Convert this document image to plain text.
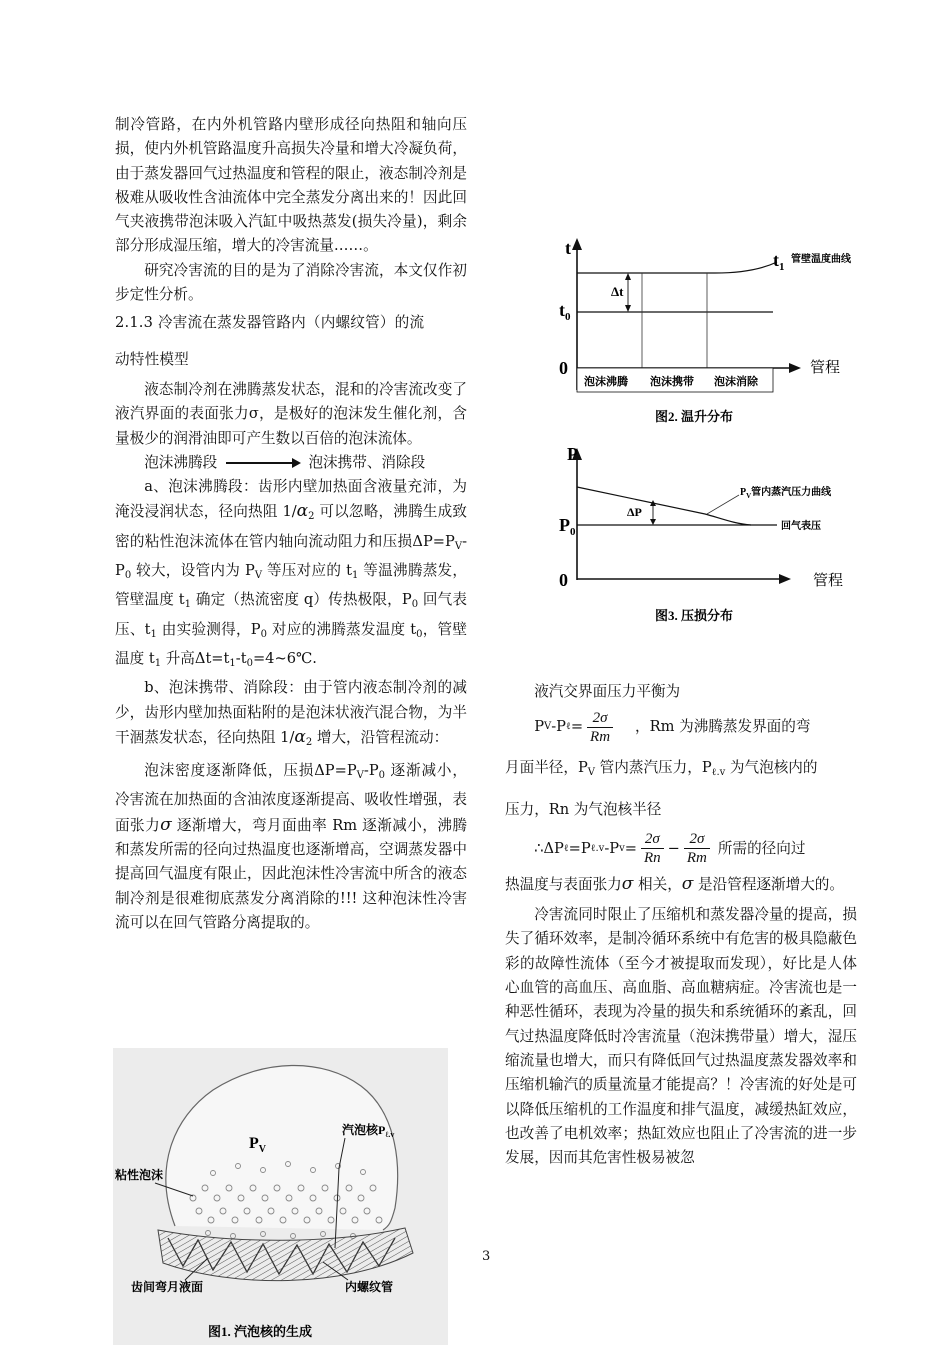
制冷管路，在内外机管路内壁形成径向热阻和轴向压损，使内外机管路温度升高损失冷量和增大冷凝负荷，由于蒸发器回气过热温度和管程的限止，液态制冷剂是极难从吸收性含油流体中完全蒸发分离出来的！因此回气夹液携带泡沫吸入汽缸中吸热蒸发(损失冷量)，剩余部分形成湿压缩，增大的冷害流量……。

研究冷害流的目的是为了消除冷害流，本文仅作初步定性分析。

2.1.3 冷害流在蒸发器管路内（内螺纹管）的流

动特性模型

液态制冷剂在沸腾蒸发状态，混和的冷害流改变了液汽界面的表面张力σ，是极好的泡沫发生催化剂，含量极少的润滑油即可产生数以百倍的泡沫流体。

泡沫沸腾段	泡沫携带、消除段

a、泡沫沸腾段：齿形内壁加热面含液量充沛，为淹没浸润状态，径向热阻 $1/\alpha_2$ 可以忽略，沸腾生成致密的粘性泡沫流体在管内轴向流动阻力和压损$\Delta P=P_V-P_0$ 较大，设管内为 $P_V$ 等压对应的 $t_1$ 等温沸腾蒸发，管壁温度 $t_1$ 确定（热流密度 q）传热极限，$P_0$ 回气表压、$t_1$ 由实验测得，$P_0$ 对应的沸腾蒸发温度 $t_0$，管壁温度 $t_1$ 升高$\Delta t=t_1-t_0=4\sim 6℃$.

b、泡沫携带、消除段：由于管内液态制冷剂的减少，齿形内壁加热面粘附的是泡沫状液汽混合物，为半干涸蒸发状态，径向热阻 $1/\alpha_2$ 增大，沿管程流动：

泡沫密度逐渐降低，压损$\Delta P=P_V-P_0$ 逐渐减小，冷害流在加热面的含油浓度逐渐提高、吸收性增强，表面张力σ 逐渐增大，弯月面曲率 Rm 逐渐减小，沸腾和蒸发所需的径向过热温度也逐渐增高，空调蒸发器中提高回气温度有限止，因此泡沫性冷害流中所含的液态制冷剂是很难彻底蒸发分离消除的!!! 这种泡沫性冷害流可以在回气管路分离提取的。

$P_V$
汽泡核$P_{\ell.v}$
粘性泡沫
齿间弯月液面	内螺纹管
图1. 汽泡核的生成
t
$t_1$
管壁温度曲线
Δt
$t_0$
0	管程
泡沫沸腾 泡沫携带 泡沫消除
图2. 温升分布
P
$P_0$
ΔP
$P_V$管内蒸汽压力曲线
回气表压
0	管程
图3. 压损分布

液汽交界面压力平衡为

P V -P ℓ = $\frac{2\sigma}{Rm}$ ，Rm 为沸腾蒸发界面的弯

月面半径，$P_V$ 管内蒸汽压力，$P_{\ell.v}$ 为气泡核内的

压力，Rn 为气泡核半径

∴ΔP ℓ =P ℓ.v -P $v = \frac{2\sigma}{Rn} - \frac{2\sigma}{Rm}$ 所需的径向过

热温度与表面张力σ 相关，σ 是沿管程逐渐增大的。

冷害流同时限止了压缩机和蒸发器冷量的提高，损失了循环效率，是制冷循环系统中有危害的极具隐蔽色彩的故障性流体（至今才被提取而发现），好比是人体心血管的高血压、高血脂、高血糖病症。冷害流也是一种恶性循环，表现为冷量的损失和系统循环的紊乱，回气过热温度降低时冷害流量（泡沫携带量）增大，湿压缩流量也增大，而只有降低回气过热温度蒸发器效率和压缩机输汽的质量流量才能提高？！冷害流的好处是可以降低压缩机的工作温度和排气温度，减缓热缸效应，也改善了电机效率；热缸效应也阻止了冷害流的进一步发展，因而其危害性极易被忽

3
